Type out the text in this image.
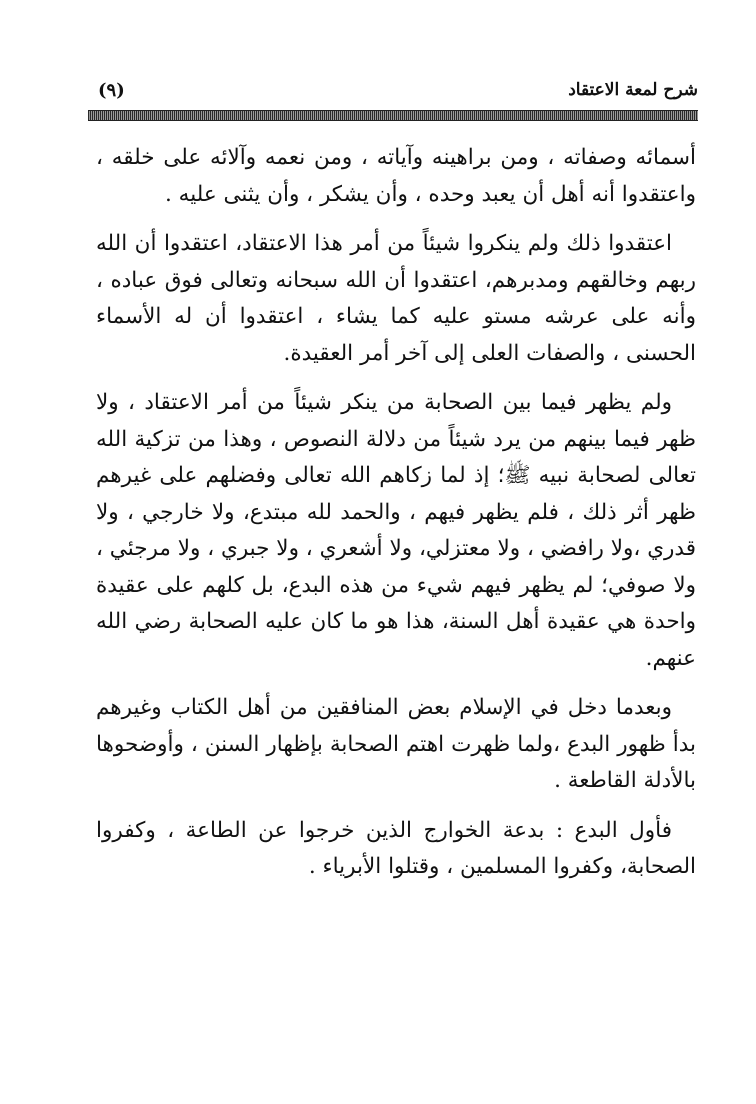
شرح لمعة الاعتقاد
(٩)

أسمائه وصفاته ، ومن براهينه وآياته ، ومن نعمه وآلائه على خلقه ، واعتقدوا أنه أهل أن يعبد وحده ، وأن يشكر ، وأن يثنى عليه .

اعتقدوا ذلك ولم ينكروا شيئاً من أمر هذا الاعتقاد، اعتقدوا أن الله ربهم وخالقهم ومدبرهم، اعتقدوا أن الله سبحانه وتعالى فوق عباده ، وأنه على عرشه مستو عليه كما يشاء ، اعتقدوا أن له الأسماء الحسنى ، والصفات العلى إلى آخر أمر العقيدة.

ولم يظهر فيما بين الصحابة من ينكر شيئاً من أمر الاعتقاد ، ولا ظهر فيما بينهم من يرد شيئاً من دلالة النصوص ، وهذا من تزكية الله تعالى لصحابة نبيه ﷺ؛ إذ لما زكاهم الله تعالى وفضلهم على غيرهم ظهر أثر ذلك ، فلم يظهر فيهم ، والحمد لله مبتدع، ولا خارجي ، ولا قدري ،ولا رافضي ، ولا معتزلي، ولا أشعري ، ولا جبري ، ولا مرجئي ، ولا صوفي؛ لم يظهر فيهم شيء من هذه البدع، بل كلهم على عقيدة واحدة هي عقيدة أهل السنة، هذا هو ما كان عليه الصحابة رضي الله عنهم.

وبعدما دخل في الإسلام بعض المنافقين من أهل الكتاب وغيرهم بدأ ظهور البدع ،ولما ظهرت اهتم الصحابة بإظهار السنن ، وأوضحوها بالأدلة القاطعة .

فأول البدع : بدعة الخوارج الذين خرجوا عن الطاعة ، وكفروا الصحابة، وكفروا المسلمين ، وقتلوا الأبرياء .
